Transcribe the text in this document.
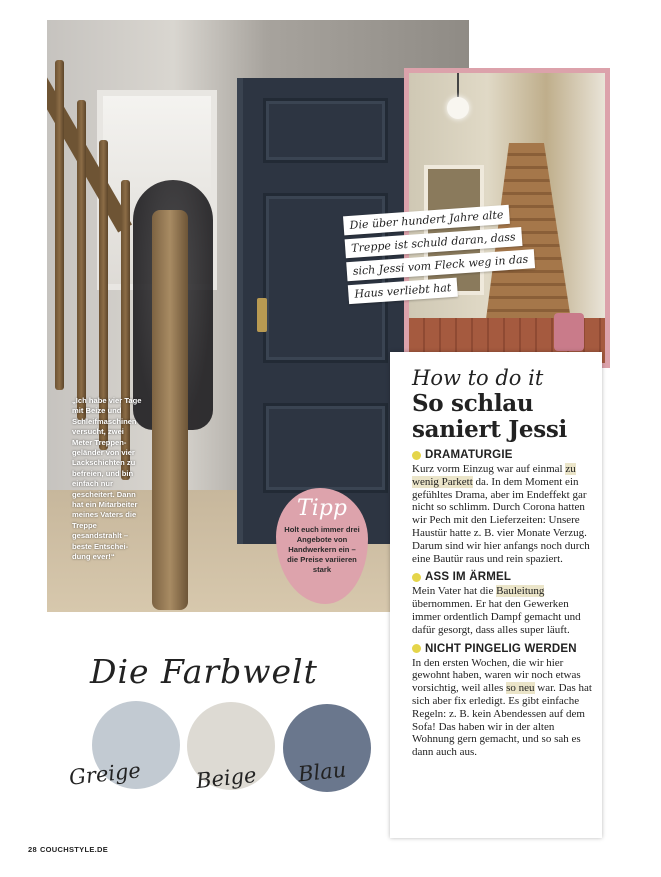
„Ich habe vier Tage mit Beize und Schleifmaschinen versucht, zwei Meter Treppengeländer von vier Lackschichten zu befreien, und bin einfach nur gescheitert. Dann hat ein Mitarbeiter meines Vaters die Treppe gesandstrahlt – beste Entscheidung ever!“

Die über hundert Jahre alte
Treppe ist schuld daran, dass
sich Jessi vom Fleck weg in das
Haus verliebt hat
Tipp
Holt euch immer drei Angebote von Handwerkern ein – die Preise variieren stark
How to do it
So schlau saniert Jessi
DRAMATURGIE

Kurz vorm Einzug war auf einmal zu wenig Parkett da. In dem Moment ein gefühltes Drama, aber im Endeffekt gar nicht so schlimm. Durch Corona hatten wir Pech mit den Lieferzeiten: Unsere Haustür hatte z. B. vier Monate Verzug. Darum sind wir hier anfangs noch durch eine Bautür raus und rein spaziert.

ASS IM ÄRMEL

Mein Vater hat die Bauleitung übernommen. Er hat den Gewerken immer ordentlich Dampf gemacht und dafür gesorgt, dass alles super läuft.

NICHT PINGELIG WERDEN

In den ersten Wochen, die wir hier gewohnt haben, waren wir noch etwas vorsichtig, weil alles so neu war. Das hat sich aber fix erledigt. Es gibt einfache Regeln: z. B. kein Abendessen auf dem Sofa! Das haben wir in der alten Wohnung gern gemacht, und so sah es dann auch aus.

Die Farbwelt
Greige	Beige Blau
28 COUCHSTYLE.DE
